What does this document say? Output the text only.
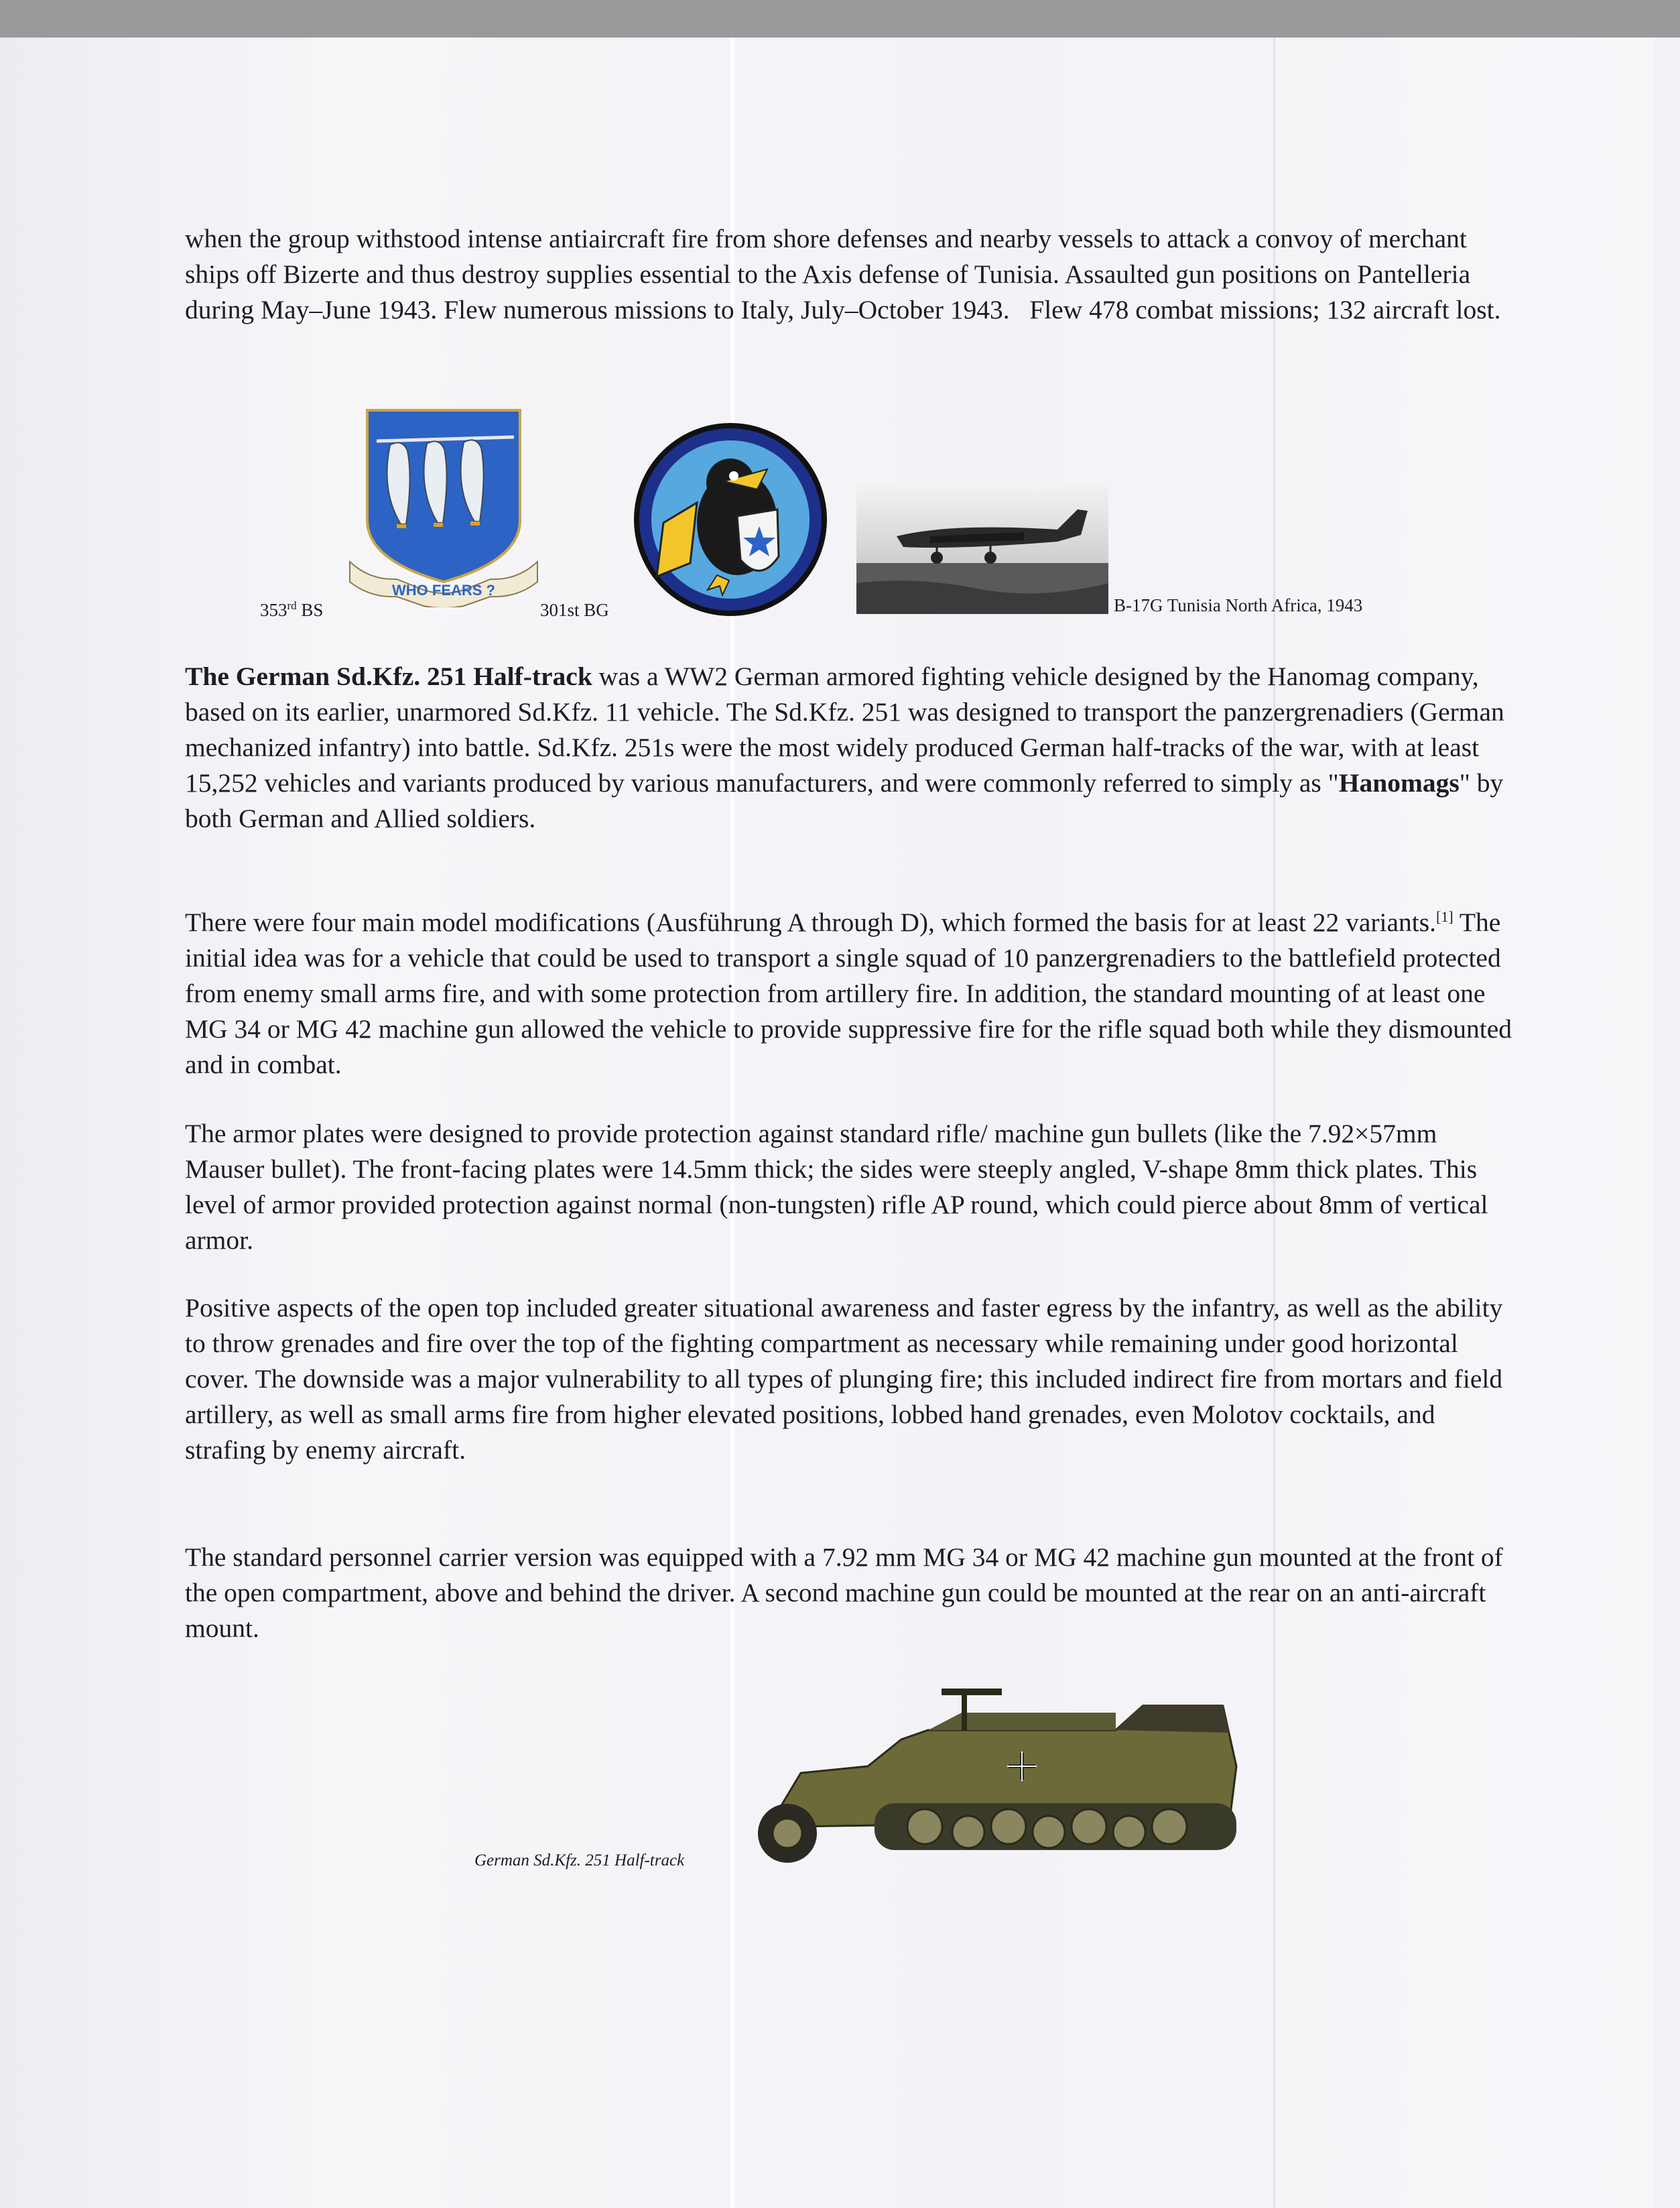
when the group withstood intense antiaircraft fire from shore defenses and nearby vessels to attack a convoy of merchant ships off Bizerte and thus destroy supplies essential to the Axis defense of Tunisia. Assaulted gun positions on Pantelleria during May–June 1943. Flew numerous missions to Italy, July–October 1943.   Flew 478 combat missions; 132 aircraft lost.

WHO FEARS ?
353rd BS	301st BG	B-17G Tunisia North Africa, 1943

The German Sd.Kfz. 251 Half-track was a WW2 German armored fighting vehicle designed by the Hanomag company, based on its earlier, unarmored Sd.Kfz. 11 vehicle. The Sd.Kfz. 251 was designed to transport the panzergrenadiers (German mechanized infantry) into battle. Sd.Kfz. 251s were the most widely produced German half-tracks of the war, with at least 15,252 vehicles and variants produced by various manufacturers, and were commonly referred to simply as "Hanomags" by both German and Allied soldiers.

There were four main model modifications (Ausführung A through D), which formed the basis for at least 22 variants.[1] The initial idea was for a vehicle that could be used to transport a single squad of 10 panzergrenadiers to the battlefield protected from enemy small arms fire, and with some protection from artillery fire. In addition, the standard mounting of at least one MG 34 or MG 42 machine gun allowed the vehicle to provide suppressive fire for the rifle squad both while they dismounted and in combat.

The armor plates were designed to provide protection against standard rifle/ machine gun bullets (like the 7.92×57mm Mauser bullet). The front-facing plates were 14.5mm thick; the sides were steeply angled, V-shape 8mm thick plates. This level of armor provided protection against normal (non-tungsten) rifle AP round, which could pierce about 8mm of vertical armor.

Positive aspects of the open top included greater situational awareness and faster egress by the infantry, as well as the ability to throw grenades and fire over the top of the fighting compartment as necessary while remaining under good horizontal cover. The downside was a major vulnerability to all types of plunging fire; this included indirect fire from mortars and field artillery, as well as small arms fire from higher elevated positions, lobbed hand grenades, even Molotov cocktails, and strafing by enemy aircraft.

The standard personnel carrier version was equipped with a 7.92 mm MG 34 or MG 42 machine gun mounted at the front of the open compartment, above and behind the driver. A second machine gun could be mounted at the rear on an anti-aircraft mount.

German Sd.Kfz. 251 Half-track
